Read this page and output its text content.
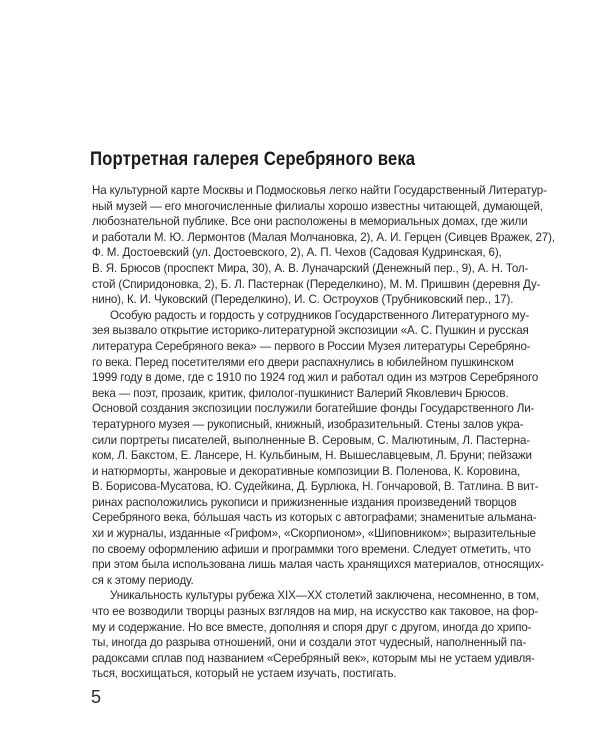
Портретная галерея Серебряного века

На культурной карте Москвы и Подмосковья легко найти Государственный Литератур-
ный музей — его многочисленные филиалы хорошо известны читающей, думающей,
любознательной публике. Все они расположены в мемориальных домах, где жили
и работали М. Ю. Лермонтов (Малая Молчановка, 2), А. И. Герцен (Сивцев Вражек, 27),
Ф. М. Достоевский (ул. Достоевского, 2), А. П. Чехов (Садовая Кудринская, 6),
В. Я. Брюсов (проспект Мира, 30), А. В. Луначарский (Денежный пер., 9), А. Н. Тол-
стой (Спиридоновка, 2), Б. Л. Пастернак (Переделкино), М. М. Пришвин (деревня Ду-
нино), К. И. Чуковский (Переделкино), И. С. Остроухов (Трубниковский пер., 17).

Особую радость и гордость у сотрудников Государственного Литературного му-
зея вызвало открытие историко-литературной экспозиции «А. С. Пушкин и русская
литература Серебряного века» — первого в России Музея литературы Серебряно-
го века. Перед посетителями его двери распахнулись в юбилейном пушкинском
1999 году в доме, где с 1910 по 1924 год жил и работал один из мэтров Серебряного
века — поэт, прозаик, критик, филолог-пушкинист Валерий Яковлевич Брюсов.
Основой создания экспозиции послужили богатейшие фонды Государственного Ли-
тературного музея — рукописный, книжный, изобразительный. Стены залов укра-
сили портреты писателей, выполненные В. Серовым, С. Малютиным, Л. Пастерна-
ком, Л. Бакстом, Е. Лансере, Н. Кульбиным, Н. Вышеславцевым, Л. Бруни; пейзажи
и натюрморты, жанровые и декоративные композиции В. Поленова, К. Коровина,
В. Борисова-Мусатова, Ю. Судейкина, Д. Бурлюка, Н. Гончаровой, В. Татлина. В вит-
ринах расположились рукописи и прижизненные издания произведений творцов
Серебряного века, бóльшая часть из которых с автографами; знаменитые альмана-
хи и журналы, изданные «Грифом», «Скорпионом», «Шиповником»; выразительные
по своему оформлению афиши и программки того времени. Следует отметить, что
при этом была использована лишь малая часть хранящихся материалов, относящих-
ся к этому периоду.

Уникальность культуры рубежа XIX—XX столетий заключена, несомненно, в том,
что ее возводили творцы разных взглядов на мир, на искусство как таковое, на фор-
му и содержание. Но все вместе, дополняя и споря друг с другом, иногда до хрипо-
ты, иногда до разрыва отношений, они и создали этот чудесный, наполненный па-
радоксами сплав под названием «Серебряный век», которым мы не устаем удивля-
ться, восхищаться, который не устаем изучать, постигать.

5
